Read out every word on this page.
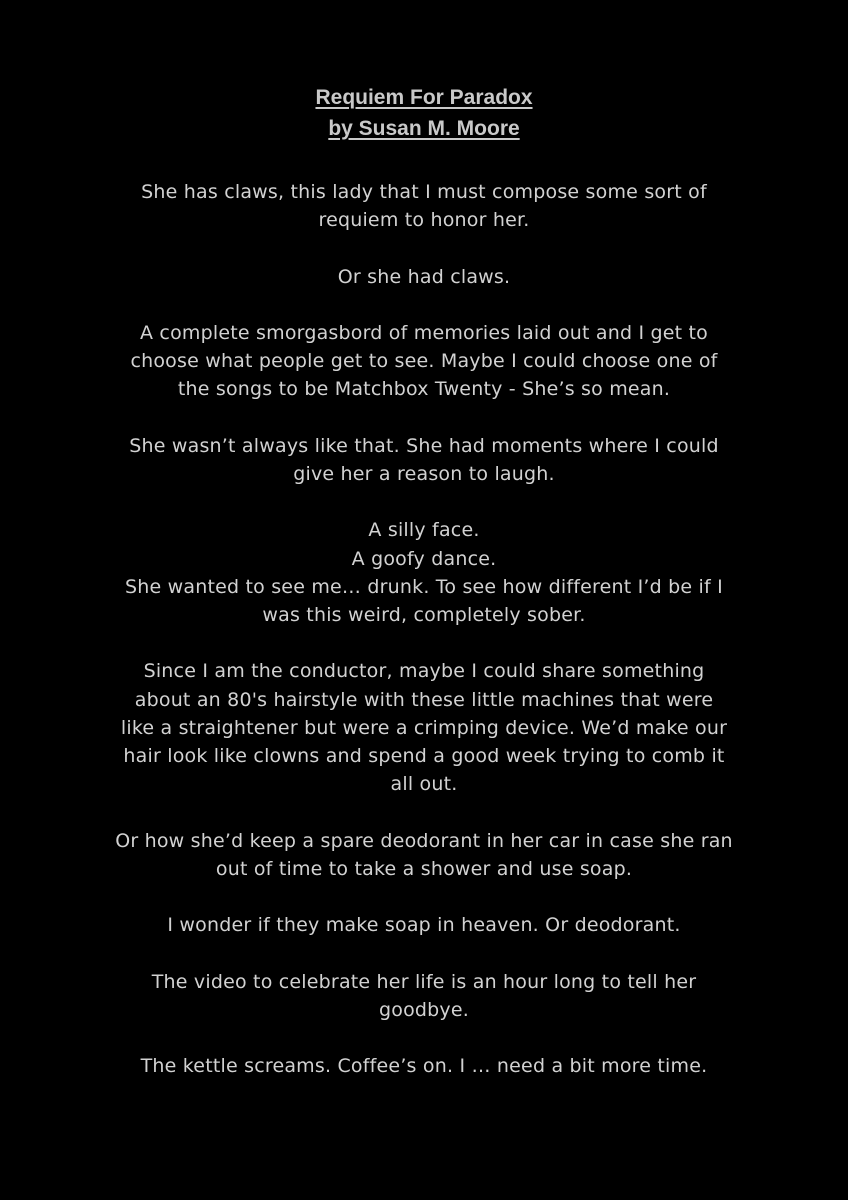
Requiem For Paradox
by Susan M. Moore

She has claws, this lady that I must compose some sort of
requiem to honor her.

Or she had claws.

A complete smorgasbord of memories laid out and I get to
choose what people get to see. Maybe I could choose one of
the songs to be Matchbox Twenty - She’s so mean.

She wasn’t always like that. She had moments where I could
give her a reason to laugh.

A silly face.
A goofy dance.
She wanted to see me… drunk. To see how different I’d be if I
was this weird, completely sober.

Since I am the conductor, maybe I could share something
about an 80's hairstyle with these little machines that were
like a straightener but were a crimping device. We’d make our
hair look like clowns and spend a good week trying to comb it
all out.

Or how she’d keep a spare deodorant in her car in case she ran
out of time to take a shower and use soap.

I wonder if they make soap in heaven. Or deodorant.

The video to celebrate her life is an hour long to tell her
goodbye.

The kettle screams. Coffee’s on. I … need a bit more time.
